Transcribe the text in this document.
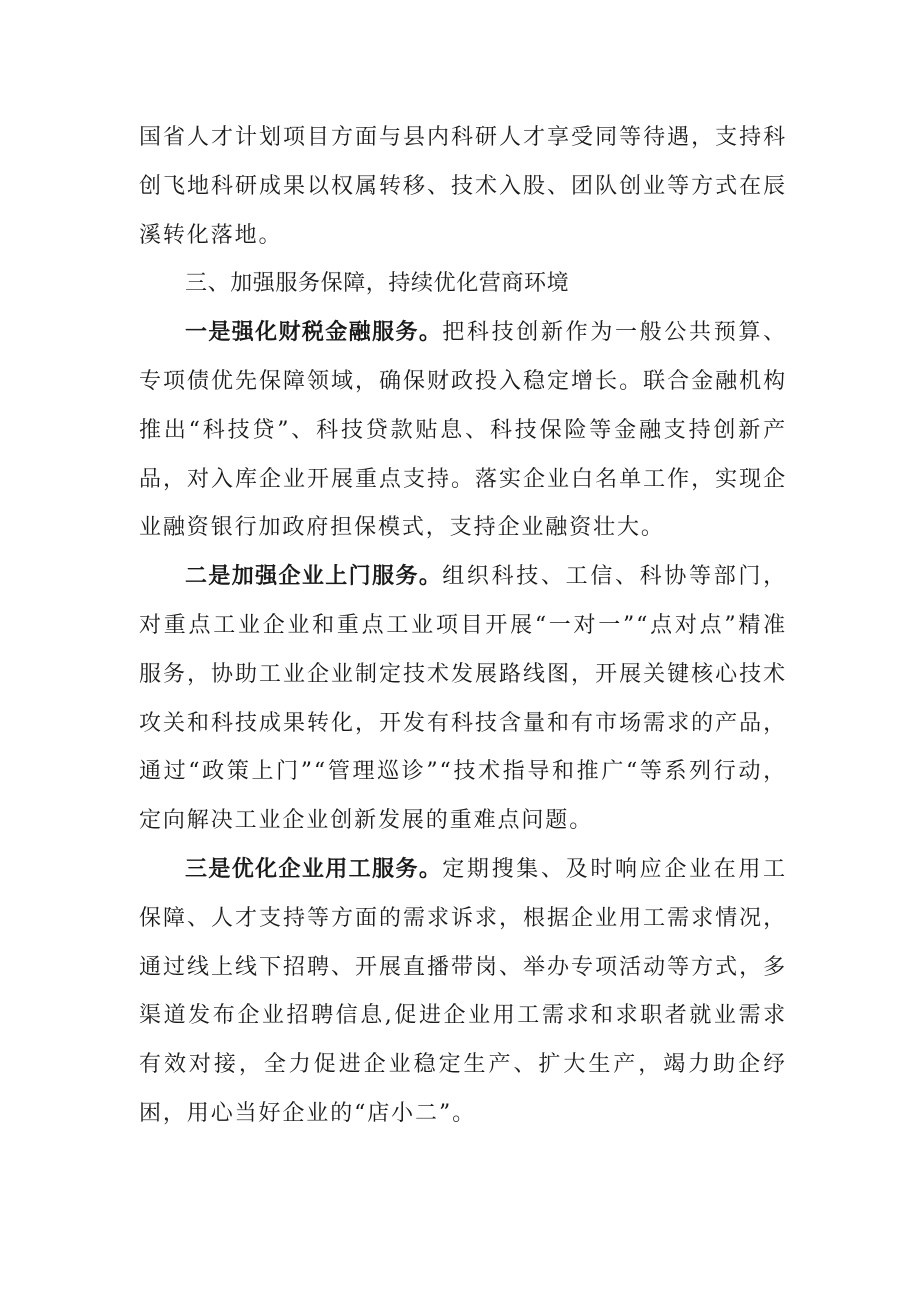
国省人才计划项目方面与县内科研人才享受同等待遇，支持科创飞地科研成果以权属转移、技术入股、团队创业等方式在辰溪转化落地。

三、加强服务保障，持续优化营商环境

一是强化财税金融服务。把科技创新作为一般公共预算、专项债优先保障领域，确保财政投入稳定增长。联合金融机构推出“科技贷”、科技贷款贴息、科技保险等金融支持创新产品，对入库企业开展重点支持。落实企业白名单工作，实现企业融资银行加政府担保模式，支持企业融资壮大。

二是加强企业上门服务。组织科技、工信、科协等部门，对重点工业企业和重点工业项目开展“一对一”“点对点”精准服务，协助工业企业制定技术发展路线图，开展关键核心技术攻关和科技成果转化，开发有科技含量和有市场需求的产品，通过“政策上门”“管理巡诊”“技术指导和推广“等系列行动，定向解决工业企业创新发展的重难点问题。

三是优化企业用工服务。定期搜集、及时响应企业在用工保障、人才支持等方面的需求诉求，根据企业用工需求情况，通过线上线下招聘、开展直播带岗、举办专项活动等方式，多渠道发布企业招聘信息,促进企业用工需求和求职者就业需求有效对接，全力促进企业稳定生产、扩大生产，竭力助企纾困，用心当好企业的“店小二”。
